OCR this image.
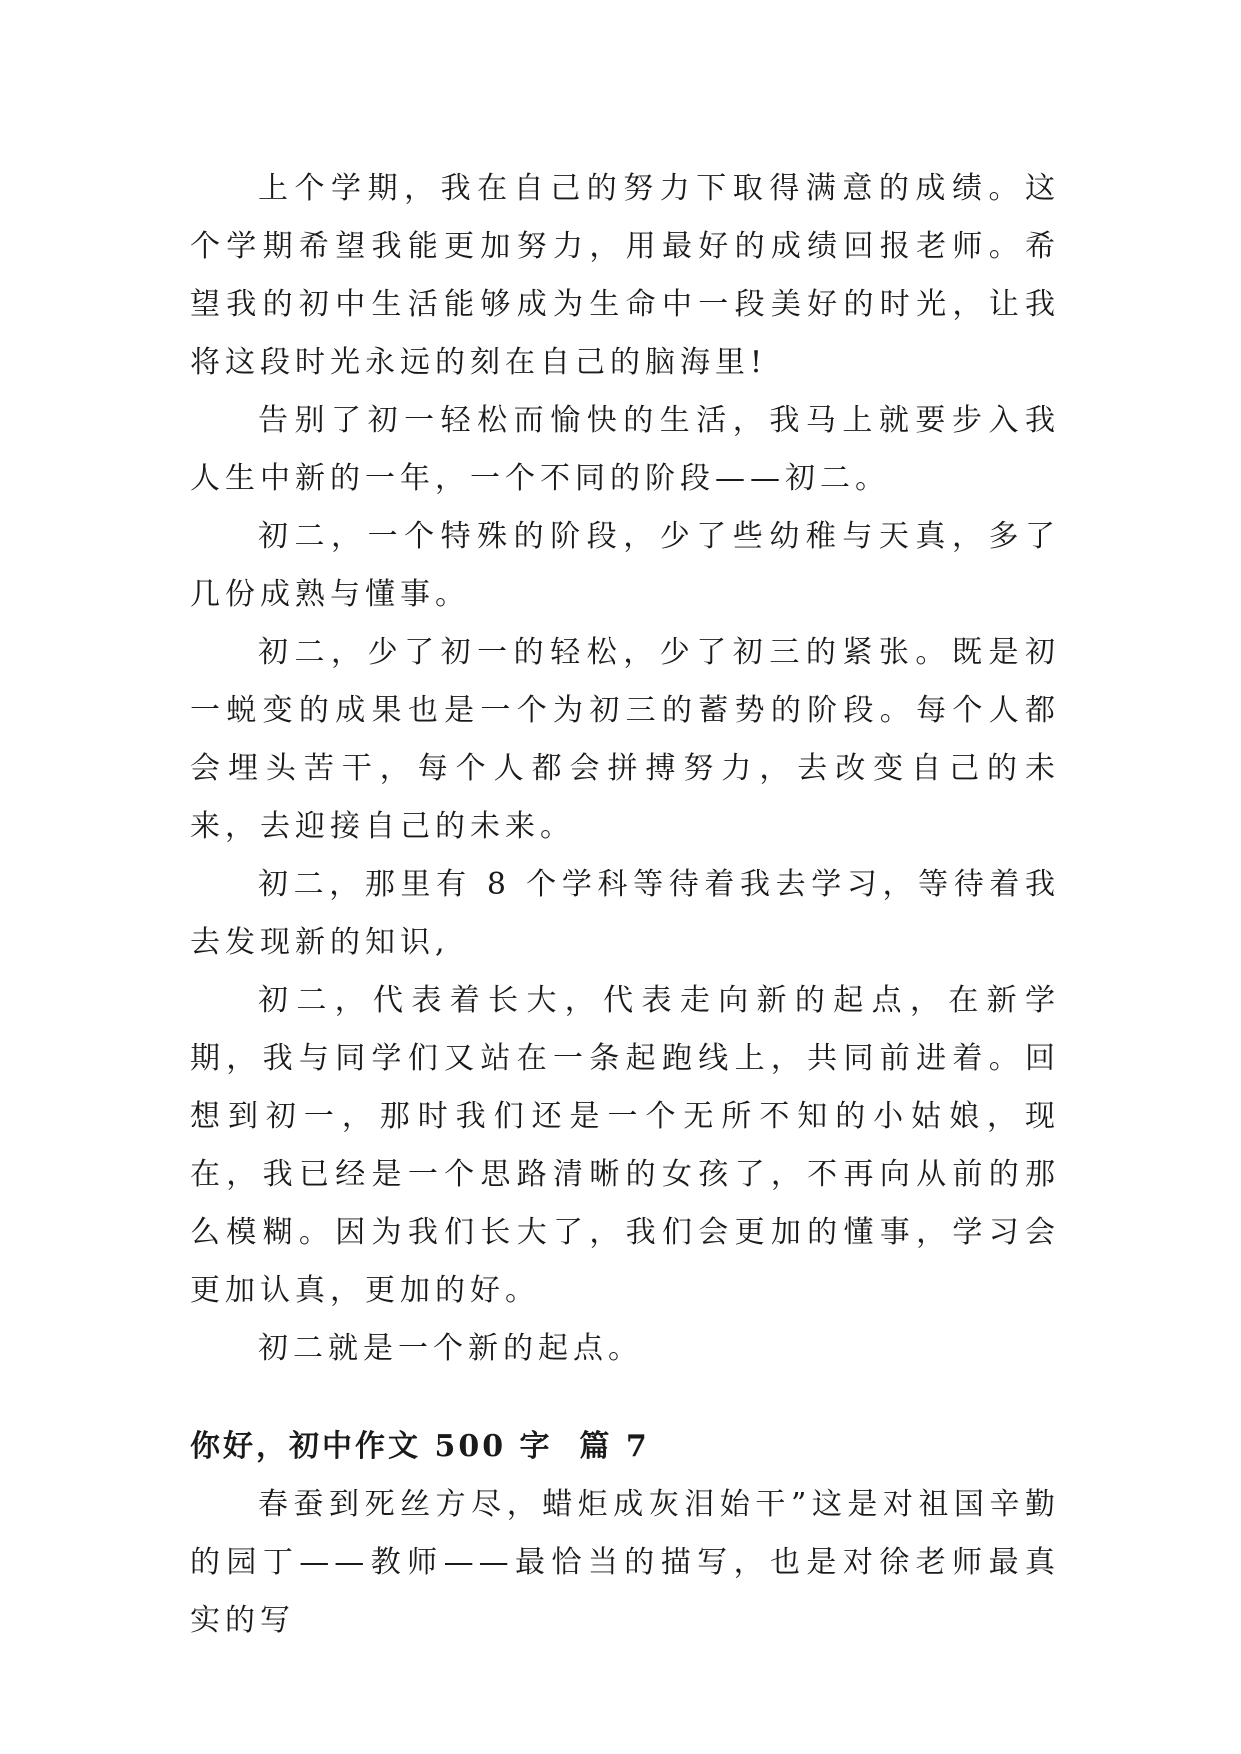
上个学期，我在自己的努力下取得满意的成绩。这个学期希望我能更加努力，用最好的成绩回报老师。希望我的初中生活能够成为生命中一段美好的时光，让我将这段时光永远的刻在自己的脑海里!

告别了初一轻松而愉快的生活，我马上就要步入我人生中新的一年，一个不同的阶段——初二。

初二，一个特殊的阶段，少了些幼稚与天真，多了几份成熟与懂事。

初二，少了初一的轻松，少了初三的紧张。既是初一蜕变的成果也是一个为初三的蓄势的阶段。每个人都会埋头苦干，每个人都会拼搏努力，去改变自己的未来，去迎接自己的未来。

初二，那里有 8 个学科等待着我去学习，等待着我去发现新的知识,

初二，代表着长大，代表走向新的起点，在新学期，我与同学们又站在一条起跑线上，共同前进着。回想到初一，那时我们还是一个无所不知的小姑娘，现在，我已经是一个思路清晰的女孩了，不再向从前的那么模糊。因为我们长大了，我们会更加的懂事，学习会更加认真，更加的好。

初二就是一个新的起点。

你好，初中作文 500 字  篇 7

春蚕到死丝方尽，蜡炬成灰泪始干”这是对祖国辛勤的园丁——教师——最恰当的描写，也是对徐老师最真实的写
